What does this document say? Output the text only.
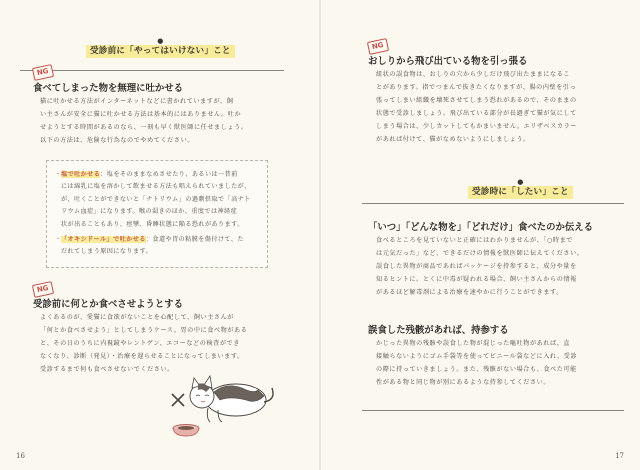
●
受診前に「やってはいけない」こと
NG
食べてしまった物を無理に吐かせる

猫に吐かせる方法がインターネットなどに書かれていますが、飼
い主さんが安全に猫に吐かせる方法は基本的にはありません。吐か
せようとする時間があるのなら、一刻も早く獣医師に任せましょう。
以下の方法は、危険な行為なのでやめてください。

・ 塩で吐かせる：塩をそのままなめさせたり、あるいは一昔前
には綿乳に塩を溶かして飲ませる方法も唱えられていましたが、
が、吐くことができないと「ナトリウム」の過剰摂取で「高ナト
リウム血症」になります。喉の渇きのほか、重度では神経症
状が出ることもあり、痙攣、昏睡状態に陥る恐れがあります。
・ 「オキシドール」で吐かせる：食道や胃の粘膜を傷付けて、た
だれてしまう原因になります。
NG
受診前に何とか食べさせようとする

よくあるのが、愛猫に食欲がないことを心配して、飼い主さんが
「何とか食べさせよう」としてしまうケース。胃の中に食べ物がある
と、その日のうちに内視鏡やレントゲン、エコーなどの検査ができ
なくなり、診断（発見）・治療を遅らせることになってしまいます。
受診するまで何も食べさせないでください。

16
NG
おしりから飛び出ている物を引っ張る

紐状の誤食物は、おしりの穴から少しだけ飛び出たままになるこ
とがあります。指でつまんで抜きたくなりますが、腸の内壁を引っ
張ってしまい組織を壊死させてしまう恐れがあるので、そのままの
状態で受診しましょう。飛び出ている部分が長過ぎて猫が気にして
しまう場合は、少しカットしてもかまいません。エリザベスカラー
があれば付けて、猫がなめないようにしましょう。

●
受診時に「したい」こと
「いつ」「どんな物を」「どれだけ」食べたのか伝える

食べるところを見ていないと正確にはわかりませんが、「○時まで
は元気だった」など、できるだけの情報を獣医師に伝えてください。
誤食した異物が商品であればパッケージを持参すると、成分や量を
知るヒントに。とくに中毒が疑われる場合、飼い主さんからの情報
があるほど解毒剤による治療を速やかに行うことができます。

誤食した残骸があれば、持参する

かじった異物の残骸や誤食した物が混じった嘔吐物があれば、直
接触らないようにゴム手袋等を使ってビニール袋などに入れ、受診
の際に持っていきましょう。また、残骸がない場合も、食べた可能
性がある物と同じ物が別にあるような持参してください。

17
